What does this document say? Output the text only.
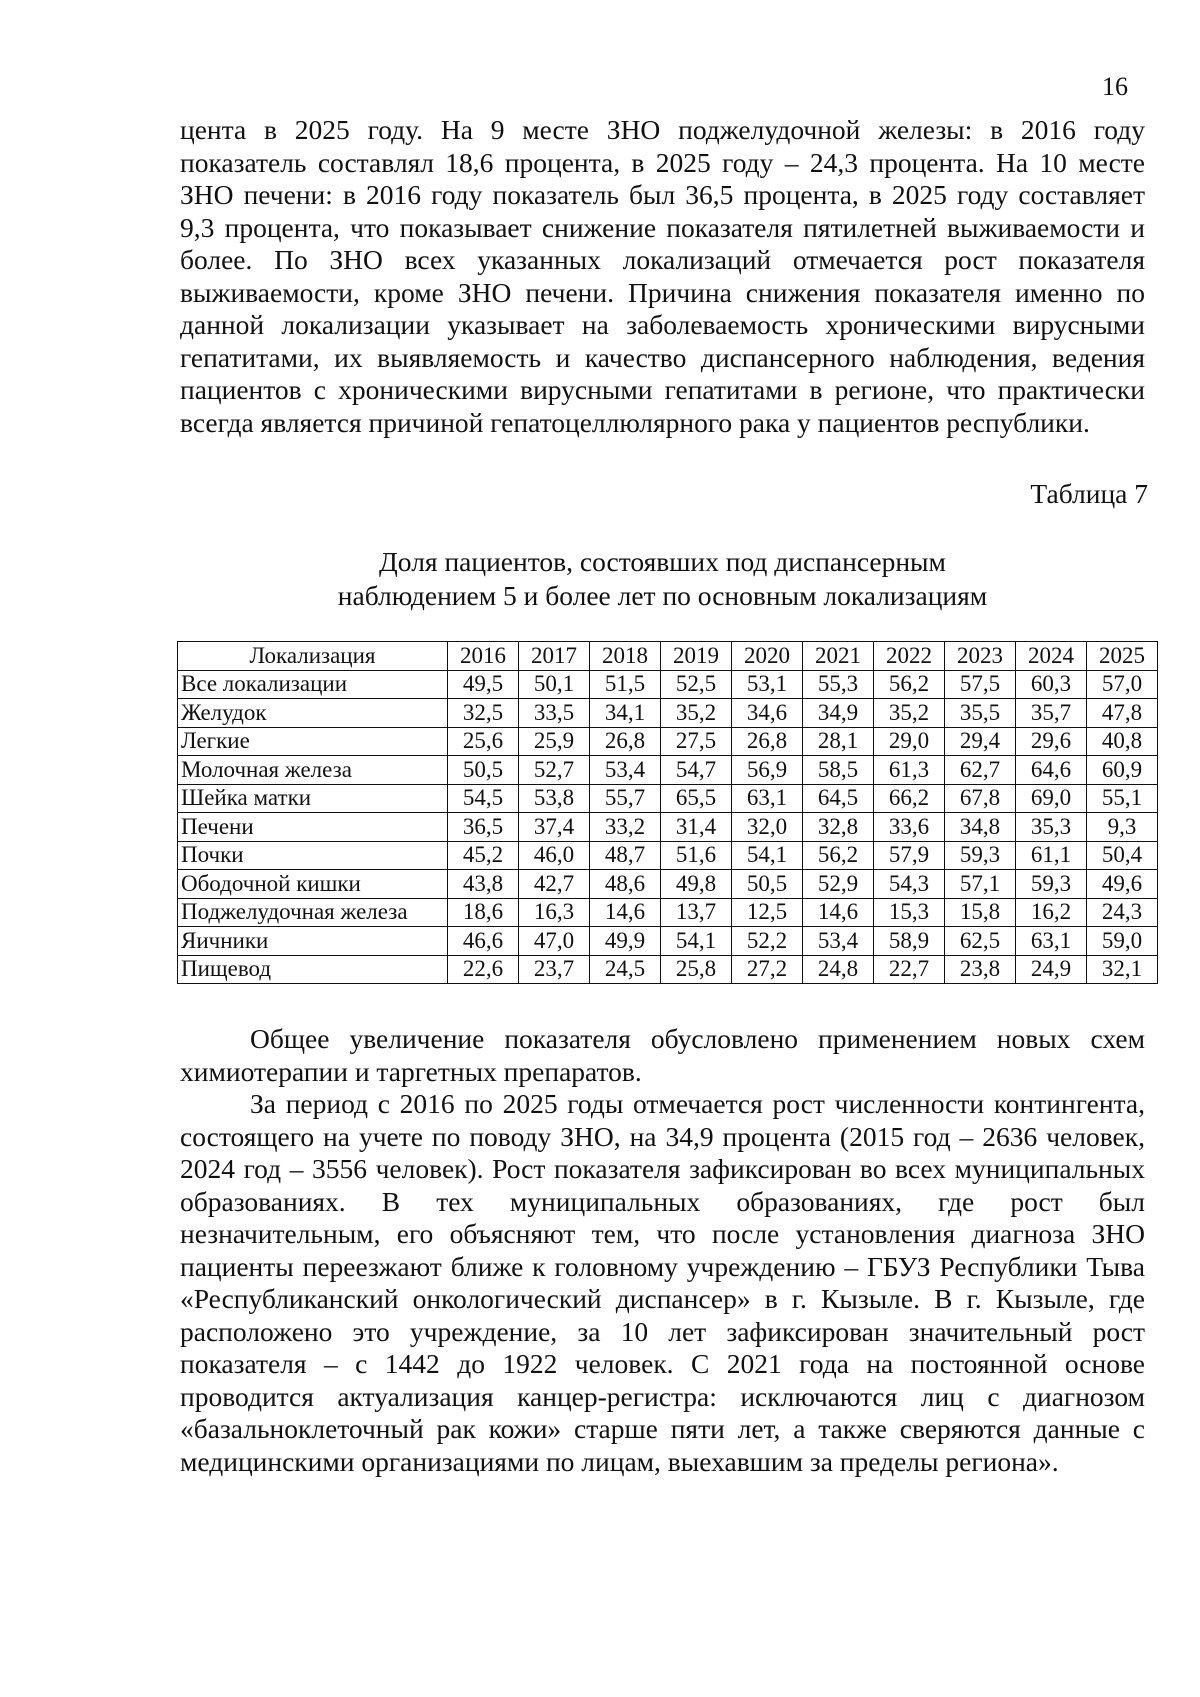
16

цента в 2025 году. На 9 месте ЗНО поджелудочной железы: в 2016 году показатель составлял 18,6 процента, в 2025 году – 24,3 процента. На 10 месте ЗНО печени: в 2016 году показатель был 36,5 процента, в 2025 году составляет 9,3 процента, что показывает снижение показателя пятилетней выживаемости и более. По ЗНО всех указанных локализаций отмечается рост показателя выживаемости, кроме ЗНО печени. Причина снижения показателя именно по данной локализации указывает на заболеваемость хроническими вирусными гепатитами, их выявляемость и качество диспансерного наблюдения, ведения пациентов с хроническими вирусными гепатитами в регионе, что практически всегда является причиной гепатоцеллюлярного рака у пациентов республики.

Таблица 7
Доля пациентов, состоявших под диспансерным
наблюдением 5 и более лет по основным локализациям
Локализация	2016	2017	2018	2019	2020	2021	2022	2023	2024	2025
Все локализации	49,5	50,1	51,5	52,5	53,1	55,3	56,2	57,5	60,3	57,0
Желудок	32,5	33,5	34,1	35,2	34,6	34,9	35,2	35,5	35,7	47,8
Легкие	25,6	25,9	26,8	27,5	26,8	28,1	29,0	29,4	29,6	40,8
Молочная железа	50,5	52,7	53,4	54,7	56,9	58,5	61,3	62,7	64,6	60,9
Шейка матки	54,5	53,8	55,7	65,5	63,1	64,5	66,2	67,8	69,0	55,1
Печени	36,5	37,4	33,2	31,4	32,0	32,8	33,6	34,8	35,3	9,3
Почки	45,2	46,0	48,7	51,6	54,1	56,2	57,9	59,3	61,1	50,4
Ободочной кишки	43,8	42,7	48,6	49,8	50,5	52,9	54,3	57,1	59,3	49,6
Поджелудочная железа	18,6	16,3	14,6	13,7	12,5	14,6	15,3	15,8	16,2	24,3
Яичники	46,6	47,0	49,9	54,1	52,2	53,4	58,9	62,5	63,1	59,0
Пищевод	22,6	23,7	24,5	25,8	27,2	24,8	22,7	23,8	24,9	32,1

Общее увеличение показателя обусловлено применением новых схем химиотерапии и таргетных препаратов.

За период с 2016 по 2025 годы отмечается рост численности контингента, состоящего на учете по поводу ЗНО, на 34,9 процента (2015 год – 2636 человек, 2024 год – 3556 человек). Рост показателя зафиксирован во всех муниципальных образованиях. В тех муниципальных образованиях, где рост был незначительным, его объясняют тем, что после установления диагноза ЗНО пациенты переезжают ближе к головному учреждению – ГБУЗ Республики Тыва «Республиканский онкологический диспансер» в г. Кызыле. В г. Кызыле, где расположено это учреждение, за 10 лет зафиксирован значительный рост показателя – с 1442 до 1922 человек. С 2021 года на постоянной основе проводится актуализация канцер-регистра: исключаются лиц с диагнозом «базальноклеточный рак кожи» старше пяти лет, а также сверяются данные с медицинскими организациями по лицам, выехавшим за пределы региона».
